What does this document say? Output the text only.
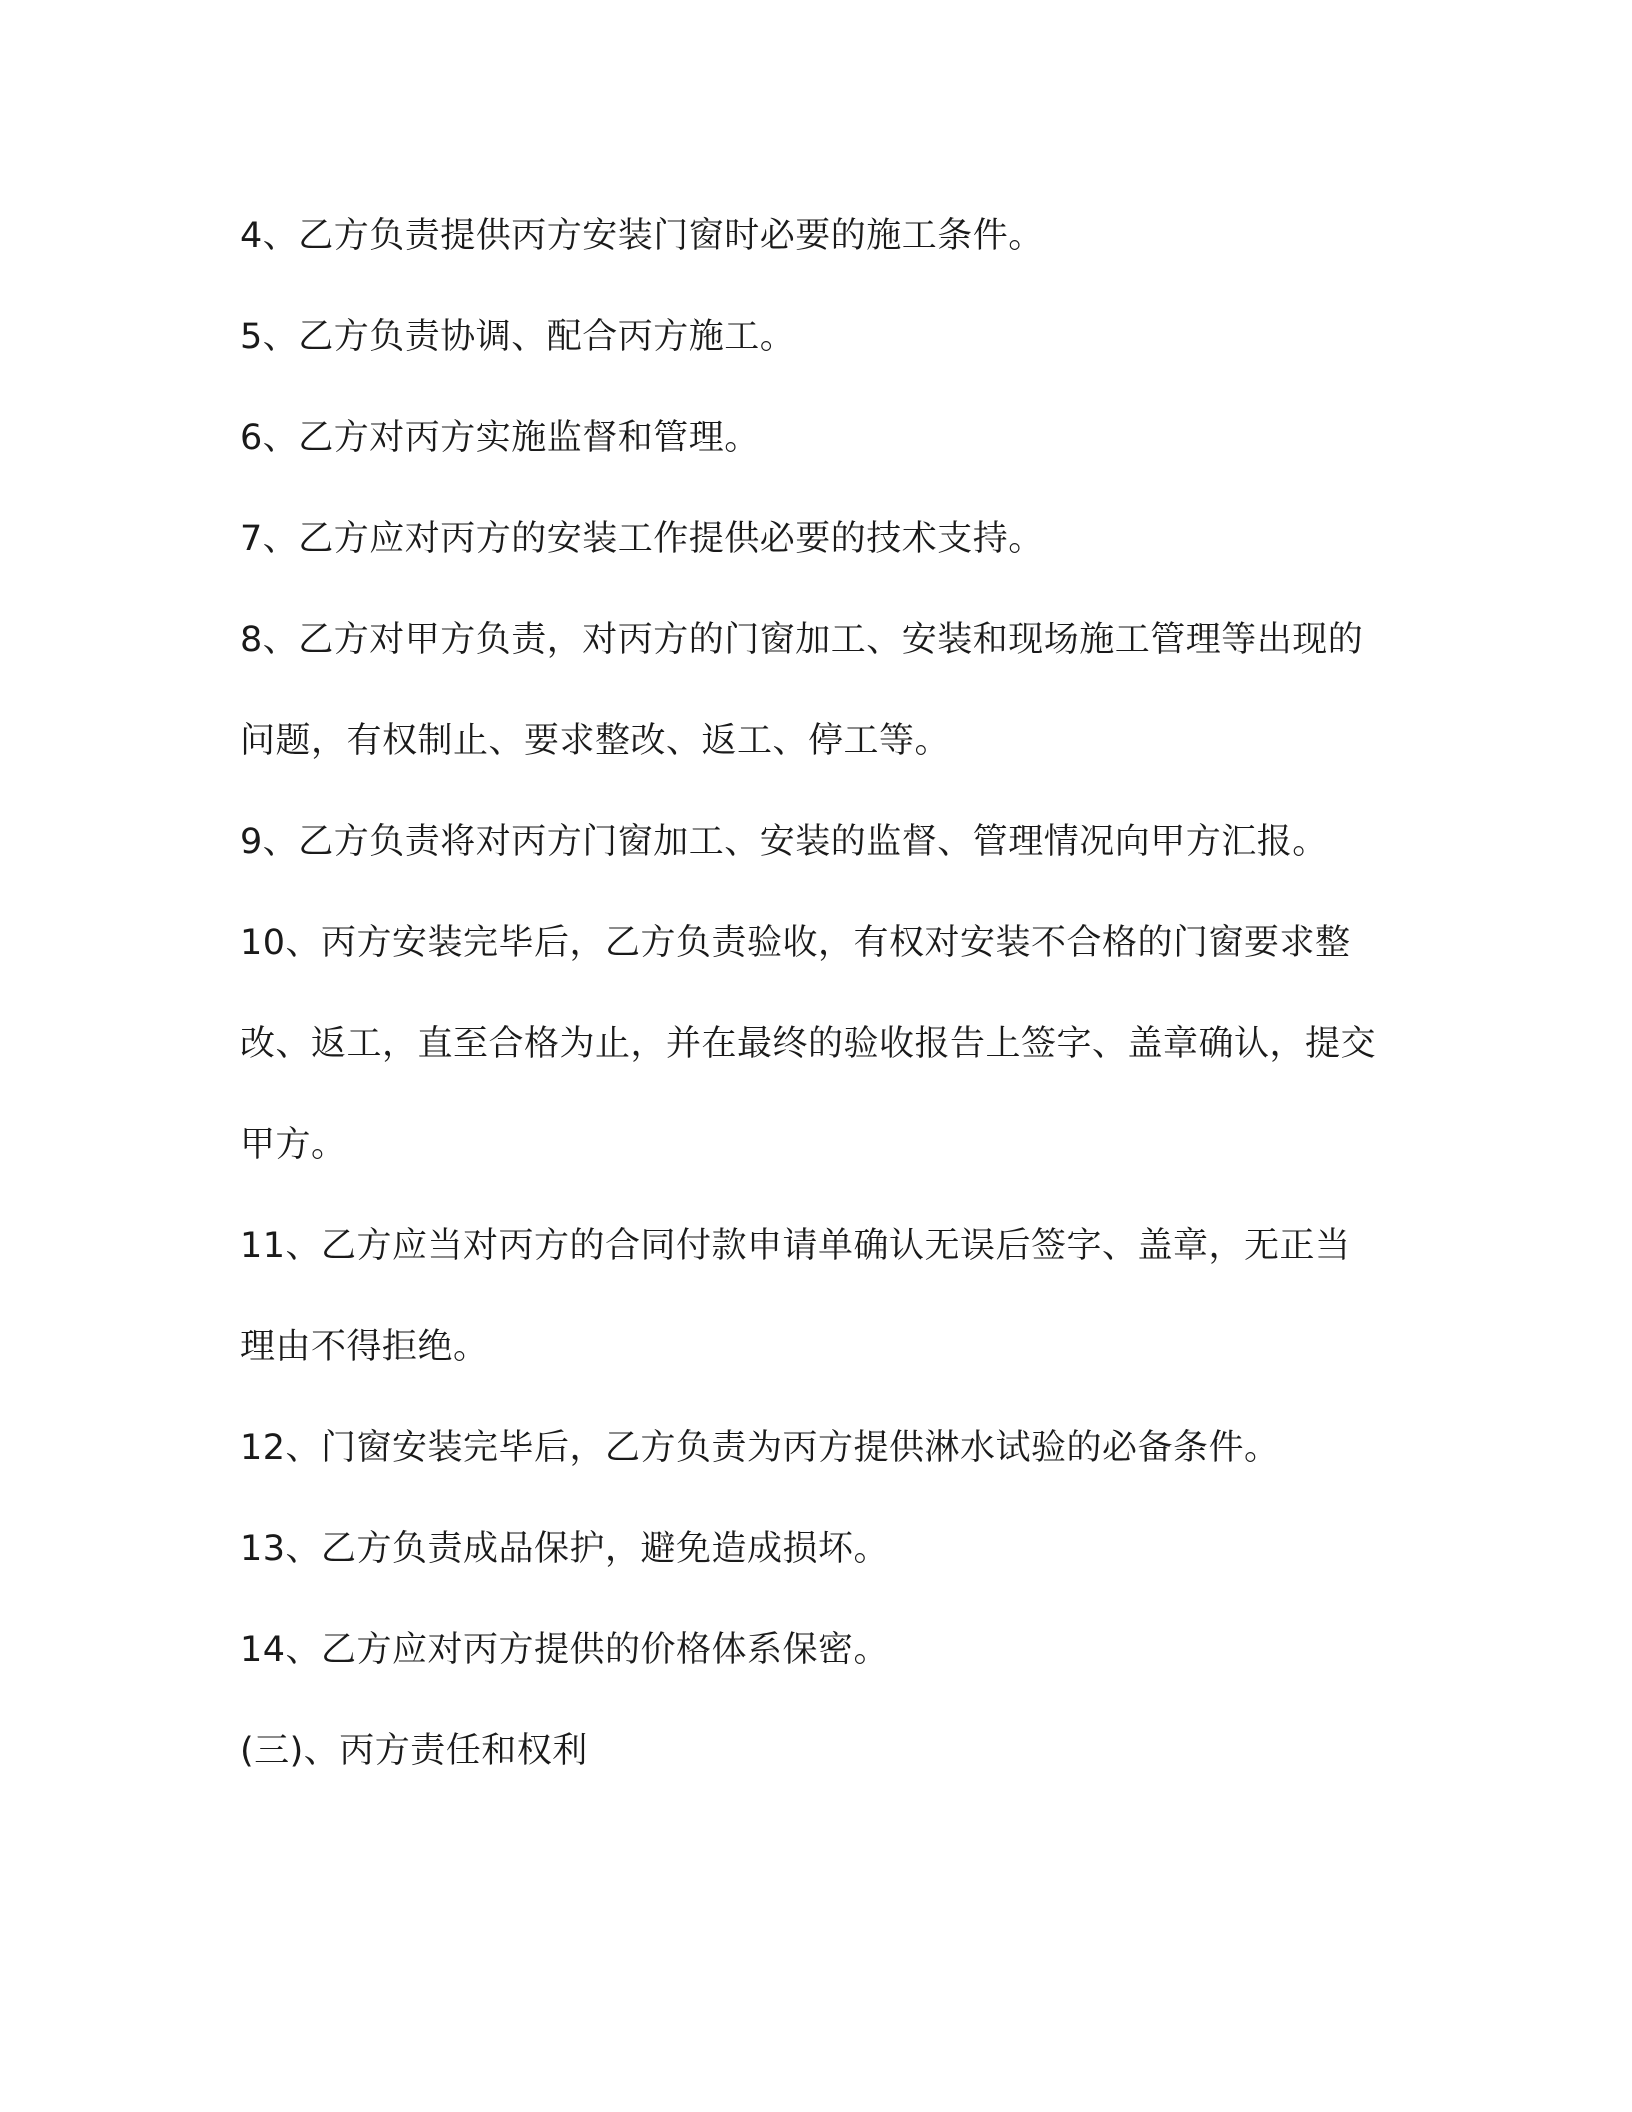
4、乙方负责提供丙方安装门窗时必要的施工条件。

5、乙方负责协调、配合丙方施工。

6、乙方对丙方实施监督和管理。

7、乙方应对丙方的安装工作提供必要的技术支持。

8、乙方对甲方负责，对丙方的门窗加工、安装和现场施工管理等出现的问题，有权制止、要求整改、返工、停工等。

9、乙方负责将对丙方门窗加工、安装的监督、管理情况向甲方汇报。

10、丙方安装完毕后，乙方负责验收，有权对安装不合格的门窗要求整改、返工，直至合格为止，并在最终的验收报告上签字、盖章确认，提交甲方。

11、乙方应当对丙方的合同付款申请单确认无误后签字、盖章，无正当理由不得拒绝。

12、门窗安装完毕后，乙方负责为丙方提供淋水试验的必备条件。

13、乙方负责成品保护，避免造成损坏。

14、乙方应对丙方提供的价格体系保密。

(三)、丙方责任和权利
